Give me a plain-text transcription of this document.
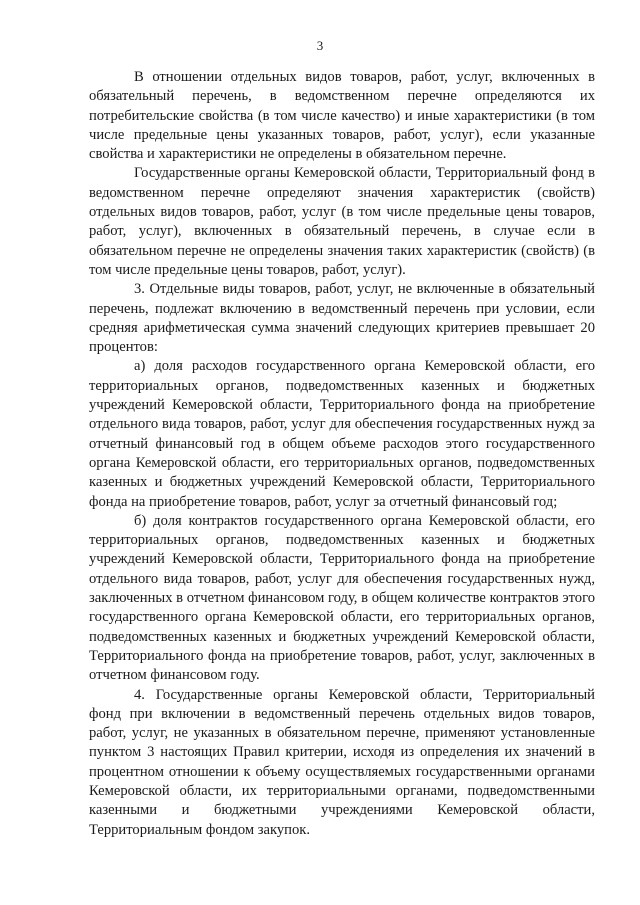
3

В отношении отдельных видов товаров, работ, услуг, включенных в обязательный перечень, в ведомственном перечне определяются их потребительские свойства (в том числе качество) и иные характеристики (в том числе предельные цены указанных товаров, работ, услуг), если указанные свойства и характеристики не определены в обязательном перечне.

Государственные органы Кемеровской области, Территориальный фонд в ведомственном перечне определяют значения характеристик (свойств) отдельных видов товаров, работ, услуг (в том числе предельные цены товаров, работ, услуг), включенных в обязательный перечень, в случае если в обязательном перечне не определены значения таких характеристик (свойств) (в том числе предельные цены товаров, работ, услуг).

3. Отдельные виды товаров, работ, услуг, не включенные в обязательный перечень, подлежат включению в ведомственный перечень при условии, если средняя арифметическая сумма значений следующих критериев превышает 20 процентов:

а) доля расходов государственного органа Кемеровской области, его территориальных органов, подведомственных казенных и бюджетных учреждений Кемеровской области, Территориального фонда на приобретение отдельного вида товаров, работ, услуг для обеспечения государственных нужд за отчетный финансовый год в общем объеме расходов этого государственного органа Кемеровской области, его территориальных органов, подведомственных казенных и бюджетных учреждений Кемеровской области, Территориального фонда на приобретение товаров, работ, услуг за отчетный финансовый год;

б) доля контрактов государственного органа Кемеровской области, его территориальных органов, подведомственных казенных и бюджетных учреждений Кемеровской области, Территориального фонда на приобретение отдельного вида товаров, работ, услуг для обеспечения государственных нужд, заключенных в отчетном финансовом году, в общем количестве контрактов этого государственного органа Кемеровской области, его территориальных органов, подведомственных казенных и бюджетных учреждений Кемеровской области, Территориального фонда на приобретение товаров, работ, услуг, заключенных в отчетном финансовом году.

4. Государственные органы Кемеровской области, Территориальный фонд при включении в ведомственный перечень отдельных видов товаров, работ, услуг, не указанных в обязательном перечне, применяют установленные пунктом 3 настоящих Правил критерии, исходя из определения их значений в процентном отношении к объему осуществляемых государственными органами Кемеровской области, их территориальными органами, подведомственными казенными и бюджетными учреждениями Кемеровской области, Территориальным фондом закупок.
